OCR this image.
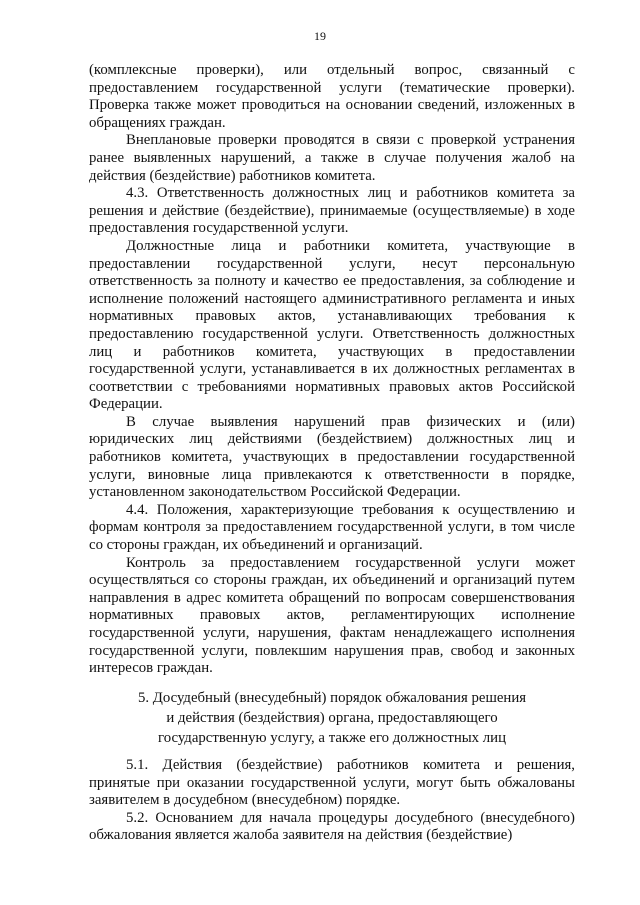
19

(комплексные проверки), или отдельный вопрос, связанный с предоставлением государственной услуги (тематические проверки). Проверка также может проводиться на основании сведений, изложенных в обращениях граждан.

Внеплановые проверки проводятся в связи с проверкой устранения ранее выявленных нарушений, а также в случае получения жалоб на действия (бездействие) работников комитета.

4.3. Ответственность должностных лиц и работников комитета за решения и действие (бездействие), принимаемые (осуществляемые) в ходе предоставления государственной услуги.

Должностные лица и работники комитета, участвующие в предоставлении государственной услуги, несут персональную ответственность за полноту и качество ее предоставления, за соблюдение и исполнение положений настоящего административного регламента и иных нормативных правовых актов, устанавливающих требования к предоставлению государственной услуги. Ответственность должностных лиц и работников комитета, участвующих в предоставлении государственной услуги, устанавливается в их должностных регламентах в соответствии с требованиями нормативных правовых актов Российской Федерации.

В случае выявления нарушений прав физических и (или) юридических лиц действиями (бездействием) должностных лиц и работников комитета, участвующих в предоставлении государственной услуги, виновные лица привлекаются к ответственности в порядке, установленном законодательством Российской Федерации.

4.4. Положения, характеризующие требования к осуществлению и формам контроля за предоставлением государственной услуги, в том числе со стороны граждан, их объединений и организаций.

Контроль за предоставлением государственной услуги может осуществляться со стороны граждан, их объединений и организаций путем направления в адрес комитета обращений по вопросам совершенствования нормативных правовых актов, регламентирующих исполнение государственной услуги, нарушения, фактам ненадлежащего исполнения государственной услуги, повлекшим нарушения прав, свобод и законных интересов граждан.

5. Досудебный (внесудебный) порядок обжалования решения
и действия (бездействия) органа, предоставляющего
государственную услугу, а также его должностных лиц

5.1. Действия (бездействие) работников комитета и решения, принятые при оказании государственной услуги, могут быть обжалованы заявителем в досудебном (внесудебном) порядке.

5.2. Основанием для начала процедуры досудебного (внесудебного) обжалования является жалоба заявителя на действия (бездействие)
